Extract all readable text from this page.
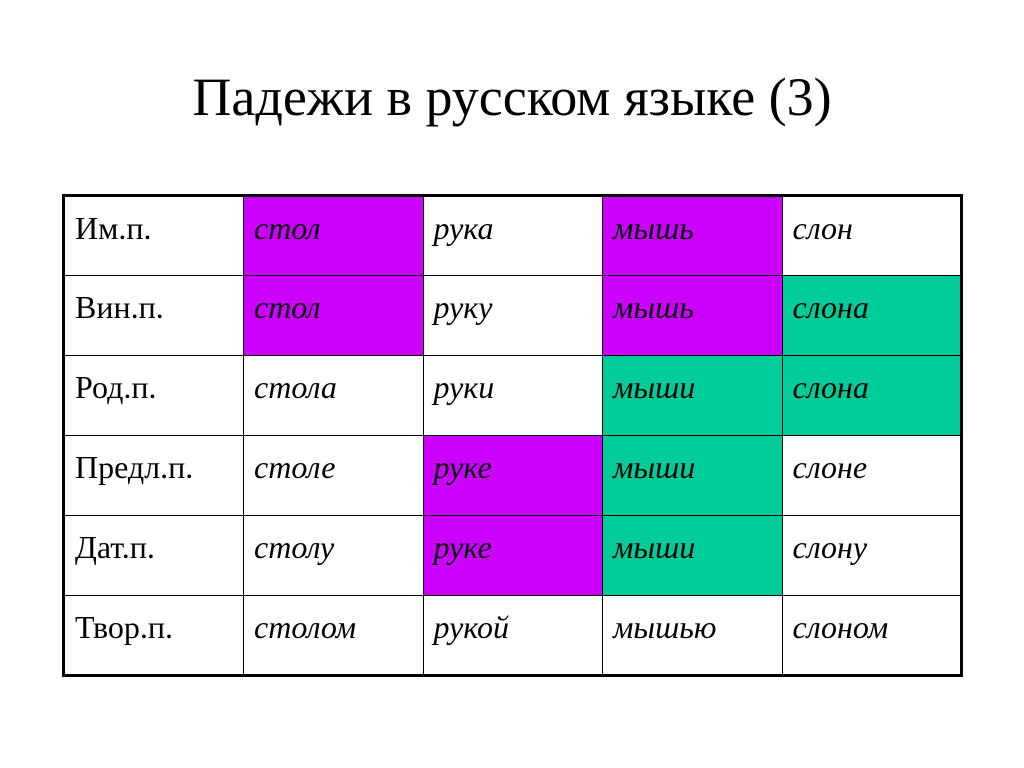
Падежи в русском языке (3)
Им.п.	стол	рука	мышь	слон
Вин.п.	стол	руку	мышь	слона
Род.п.	стола	руки	мыши	слона
Предл.п.	столе	руке	мыши	слоне
Дат.п.	столу	руке	мыши	слону
Твор.п.	столом	рукой	мышью	слоном
